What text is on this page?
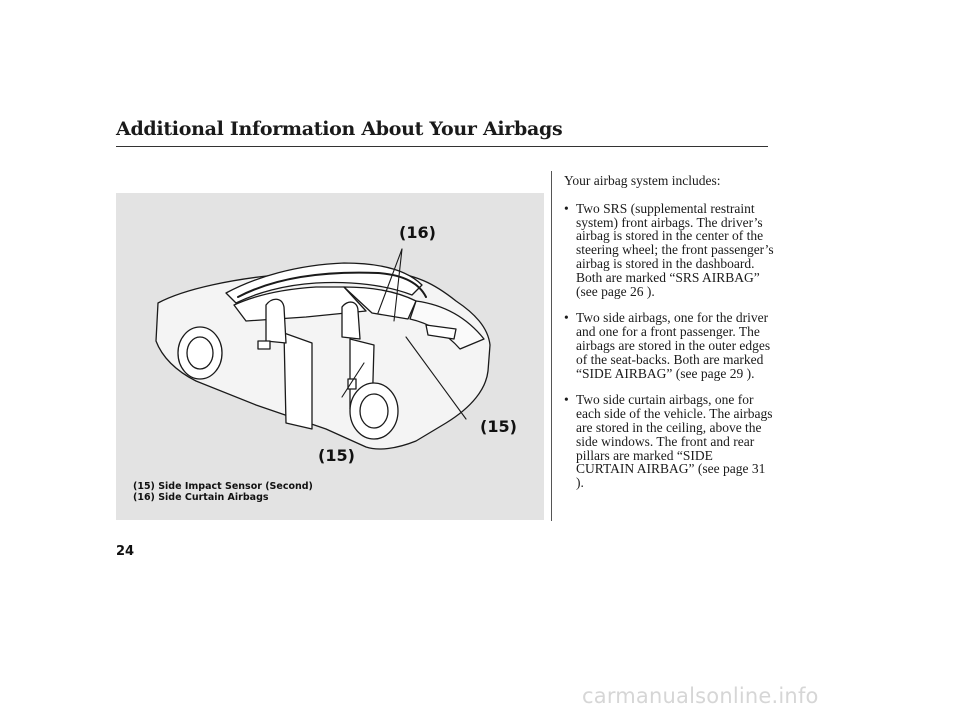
Additional Information About Your Airbags
(16)
(15)
(15)
(15) Side Impact Sensor (Second)
(16) Side Curtain Airbags
Your airbag system includes:
• Two SRS (supplemental restraint system) front airbags. The driver’s airbag is stored in the center of the steering wheel; the front passenger’s airbag is stored in the dashboard. Both are marked “SRS AIRBAG” (see page 26 ).
• Two side airbags, one for the driver and one for a front passenger. The airbags are stored in the outer edges of the seat-backs. Both are marked “SIDE AIRBAG” (see page 29 ).
• Two side curtain airbags, one for each side of the vehicle. The airbags are stored in the ceiling, above the side windows. The front and rear pillars are marked “SIDE CURTAIN AIRBAG” (see page 31 ).
24
carmanualsonline.info
